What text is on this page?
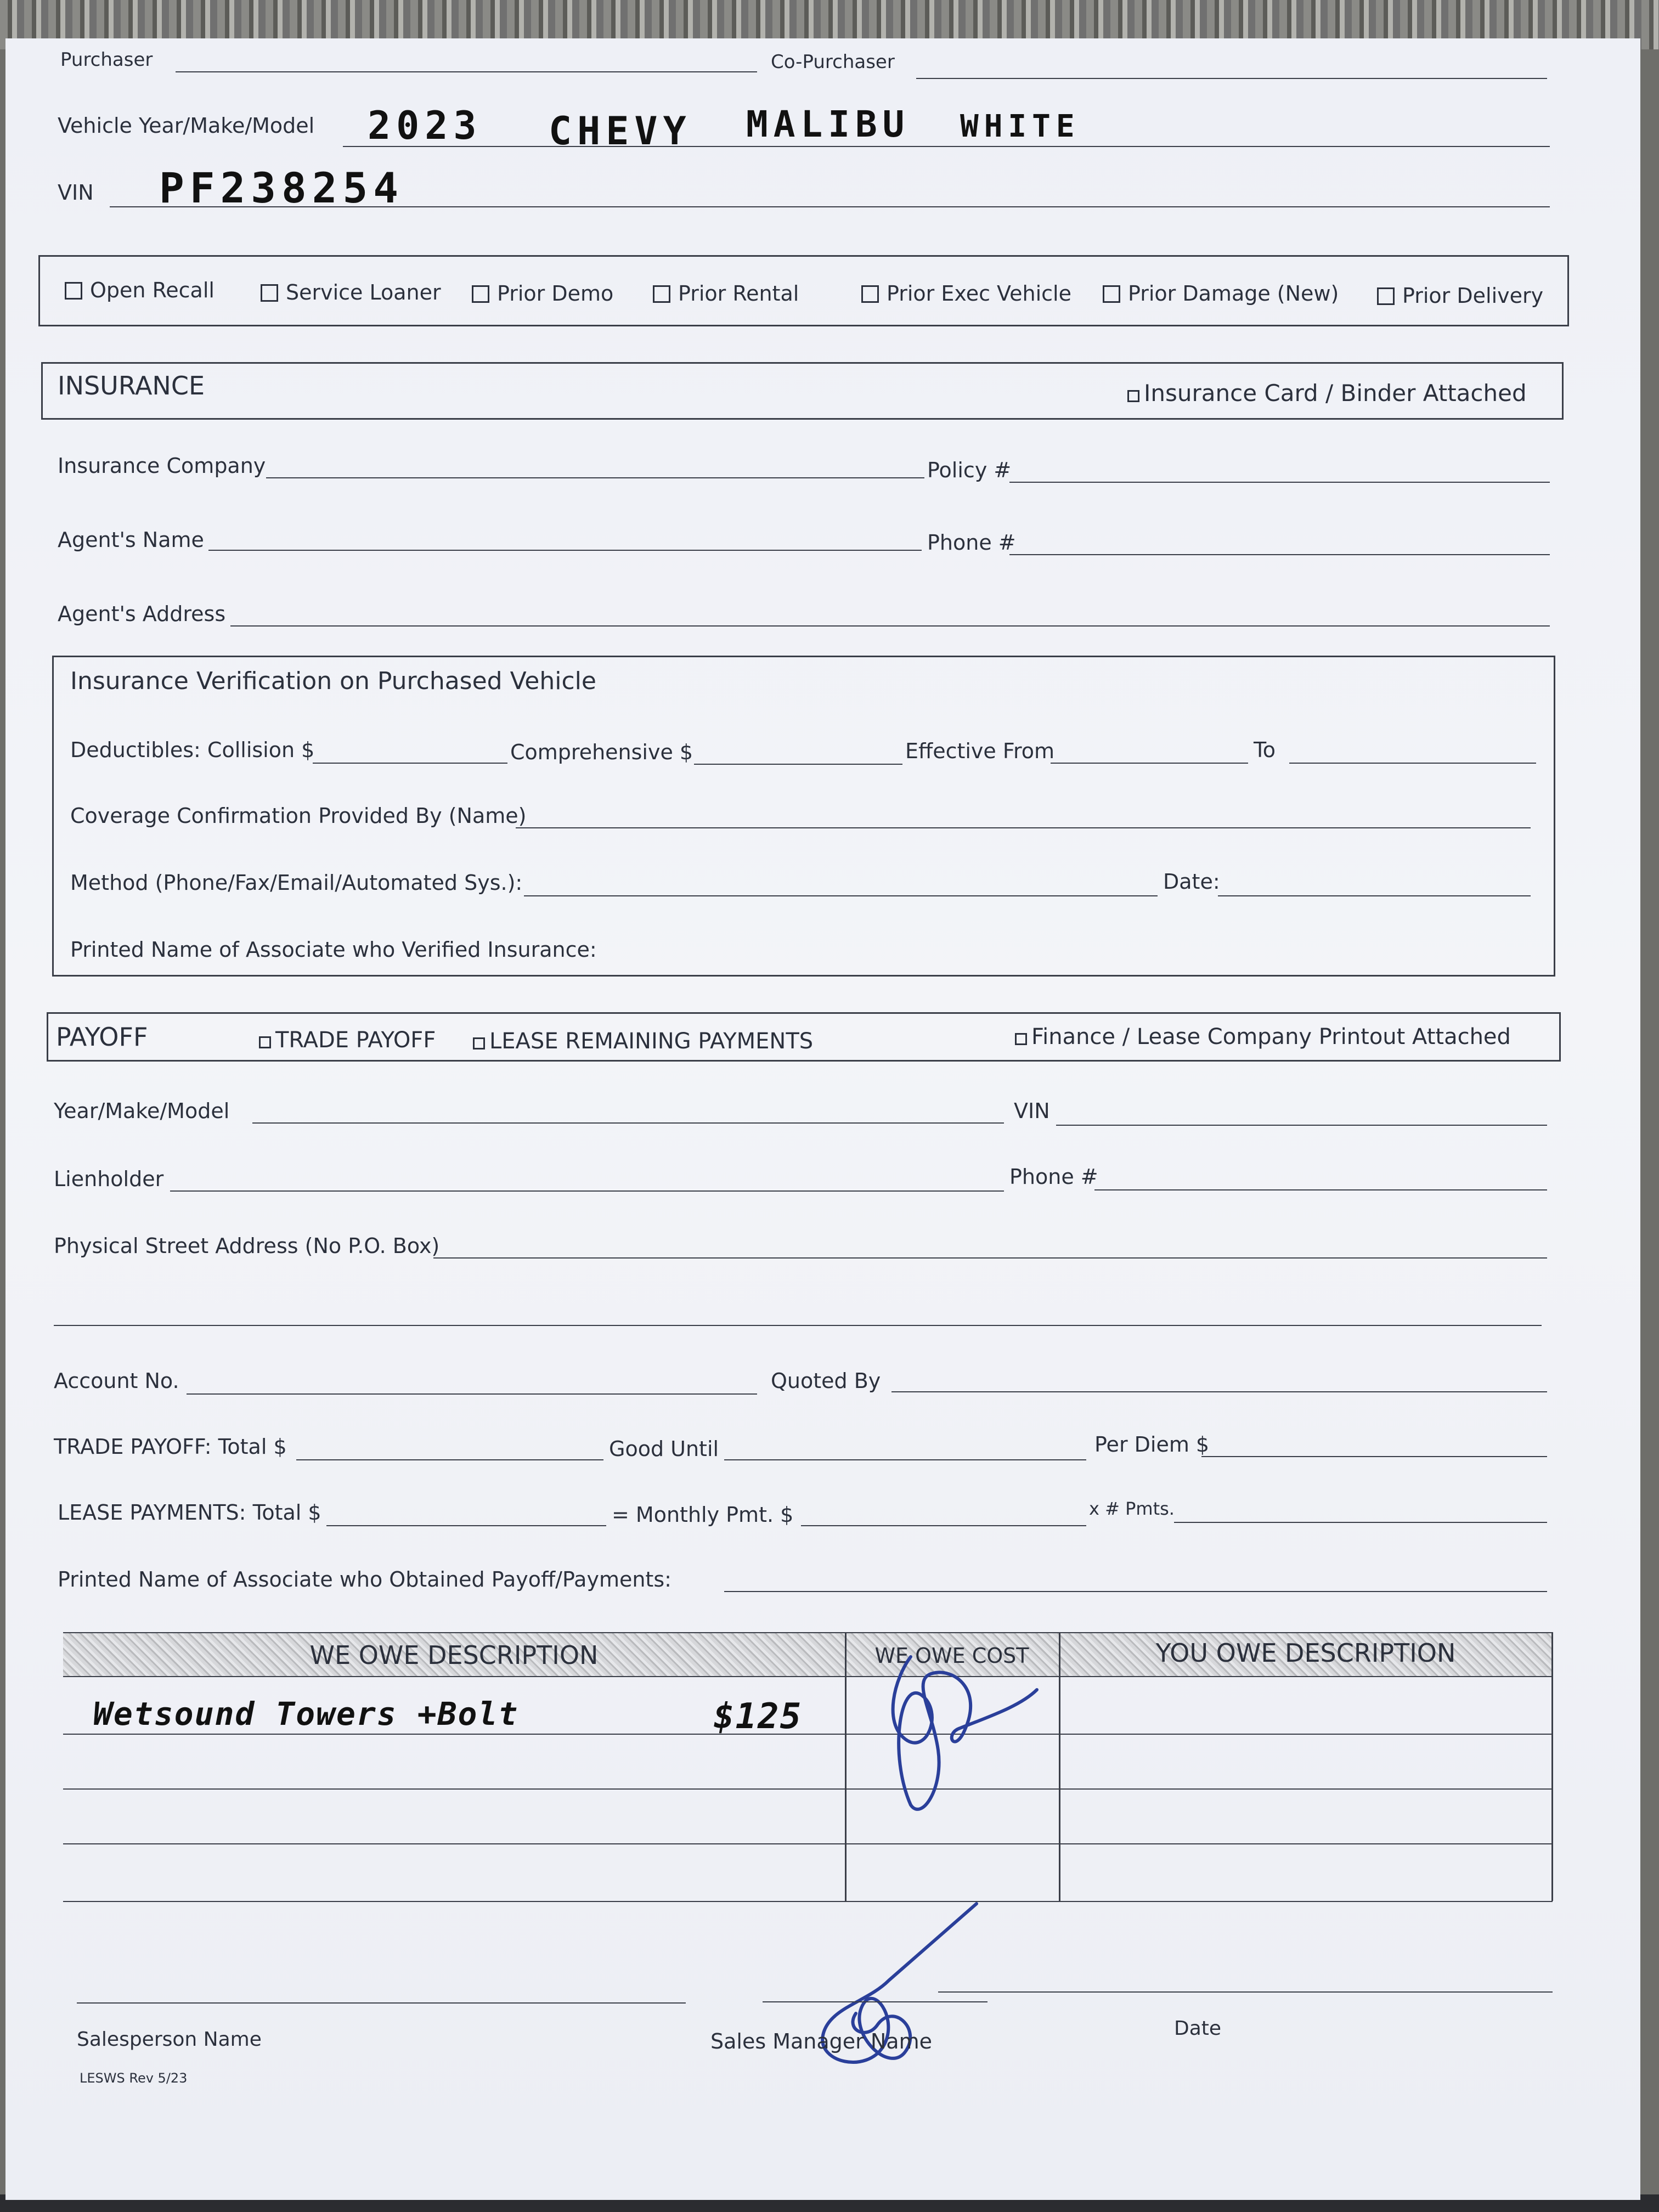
Purchaser	Co-Purchaser
Vehicle Year/Make/Model 2023 CHEVY MALIBU WHITE
VIN PF238254
Open Recall	Service Loaner	Prior Demo	Prior Rental	Prior Exec Vehicle	Prior Damage (New)	Prior Delivery
INSURANCE	Insurance Card / Binder Attached
Insurance Company	Policy #
Agent's Name	Phone #
Agent's Address
Insurance Verification on Purchased Vehicle
Deductibles: Collision $	Comprehensive $	Effective From	To
Coverage Confirmation Provided By (Name)
Method (Phone/Fax/Email/Automated Sys.):	Date:
Printed Name of Associate who Verified Insurance:
PAYOFF	TRADE PAYOFF	LEASE REMAINING PAYMENTS	Finance / Lease Company Printout Attached
Year/Make/Model	VIN
Lienholder	Phone #
Physical Street Address (No P.O. Box)
Account No.	Quoted By
TRADE PAYOFF: Total $	Good Until	Per Diem $
LEASE PAYMENTS: Total $	= Monthly Pmt. $	x # Pmts.
Printed Name of Associate who Obtained Payoff/Payments:
WE OWE DESCRIPTION	WE OWE COST	YOU OWE DESCRIPTION
Wetsound Towers +Bolt	$125
Salesperson Name	Sales Manager Name
Date
LESWS Rev 5/23
